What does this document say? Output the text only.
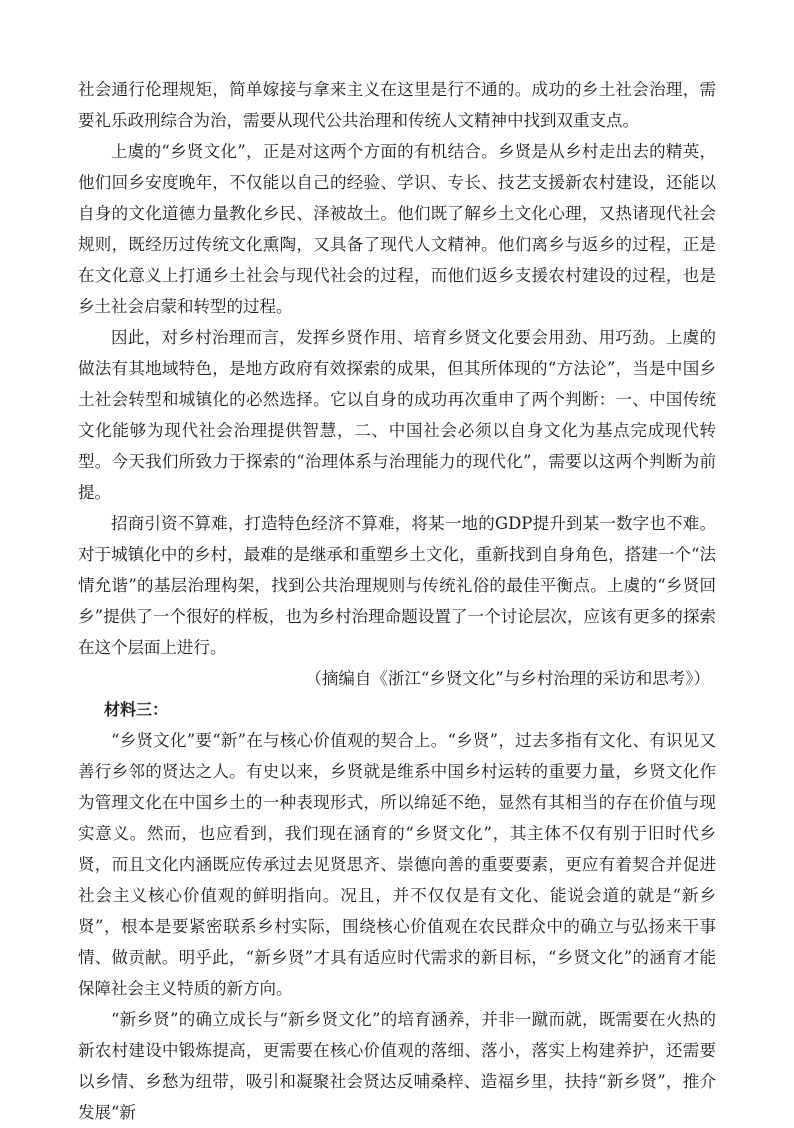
社会通行伦理规矩，简单嫁接与拿来主义在这里是行不通的。成功的乡土社会治理，需要礼乐政刑综合为治，需要从现代公共治理和传统人文精神中找到双重支点。

上虞的“乡贤文化”，正是对这两个方面的有机结合。乡贤是从乡村走出去的精英，他们回乡安度晚年，不仅能以自己的经验、学识、专长、技艺支援新农村建设，还能以自身的文化道德力量教化乡民、泽被故土。他们既了解乡土文化心理，又热诸现代社会规则，既经历过传统文化熏陶，又具备了现代人文精神。他们离乡与返乡的过程，正是在文化意义上打通乡土社会与现代社会的过程，而他们返乡支援农村建设的过程，也是乡土社会启蒙和转型的过程。

因此，对乡村治理而言，发挥乡贤作用、培育乡贤文化要会用劲、用巧劲。上虞的做法有其地域特色，是地方政府有效探索的成果，但其所体现的“方法论”，当是中国乡土社会转型和城镇化的必然选择。它以自身的成功再次重申了两个判断：一、中国传统文化能够为现代社会治理提供智慧，二、中国社会必须以自身文化为基点完成现代转型。今天我们所致力于探索的“治理体系与治理能力的现代化”，需要以这两个判断为前提。

招商引资不算难，打造特色经济不算难，将某一地的GDP提升到某一数字也不难。对于城镇化中的乡村，最难的是继承和重塑乡土文化，重新找到自身角色，搭建一个“法情允谐”的基层治理构架，找到公共治理规则与传统礼俗的最佳平衡点。上虞的“乡贤回乡”提供了一个很好的样板，也为乡村治理命题设置了一个讨论层次，应该有更多的探索在这个层面上进行。

（摘编自《浙江“乡贤文化”与乡村治理的采访和思考》）

材料三：

“乡贤文化”要“新”在与核心价值观的契合上。“乡贤”，过去多指有文化、有识见又善行乡邻的贤达之人。有史以来，乡贤就是维系中国乡村运转的重要力量，乡贤文化作为管理文化在中国乡土的一种表现形式，所以绵延不绝，显然有其相当的存在价值与现实意义。然而，也应看到，我们现在涵育的“乡贤文化”，其主体不仅有别于旧时代乡贤，而且文化内涵既应传承过去见贤思齐、崇德向善的重要要素，更应有着契合并促进社会主义核心价值观的鲜明指向。况且，并不仅仅是有文化、能说会道的就是“新乡贤”，根本是要紧密联系乡村实际，围绕核心价值观在农民群众中的确立与弘扬来干事情、做贡献。明乎此，“新乡贤”才具有适应时代需求的新目标，“乡贤文化”的涵育才能保障社会主义特质的新方向。

“新乡贤”的确立成长与“新乡贤文化”的培育涵养，并非一蹴而就，既需要在火热的新农村建设中锻炼提高，更需要在核心价值观的落细、落小，落实上构建养护，还需要以乡情、乡愁为纽带，吸引和凝聚社会贤达反哺桑梓、造福乡里，扶持“新乡贤”，推介发展“新
